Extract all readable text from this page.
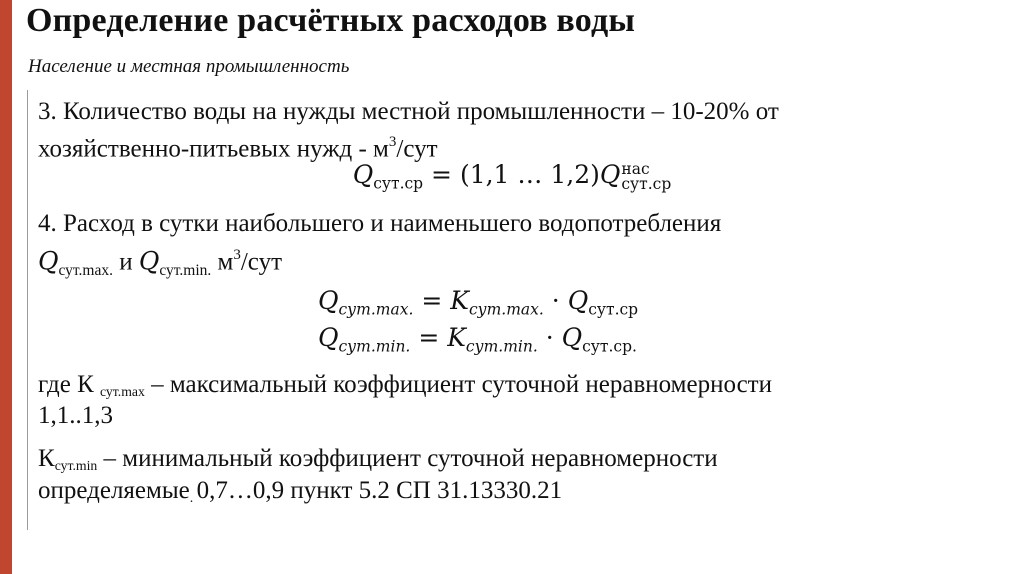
Определение расчётных расходов воды
Население и местная промышленность
3. Количество воды на нужды местной промышленности – 10-20% от
хозяйственно-питьевых нужд - $м^3$/сут
$Q_{сут.ср} = (1,1$ … 1,2)Q нас
сут.ср
4. Расход в сутки наибольшего и наименьшего водопотребления
$Q_{сут.max.}$ и $Q_{сут.min.}$ $м^3$/сут
$Q_{сут.max.} = K_{сут.max.} \cdot Q_{сут.ср}$
$Q_{сут.min.} = K_{сут.min.} \cdot Q_{сут.ср.}$
где К сут.max – максимальный коэффициент суточной неравномерности
1,1..1,3
Ксут.min – минимальный коэффициент суточной неравномерности
определяемые. 0,7…0,9 пункт 5.2 СП 31.13330.21
